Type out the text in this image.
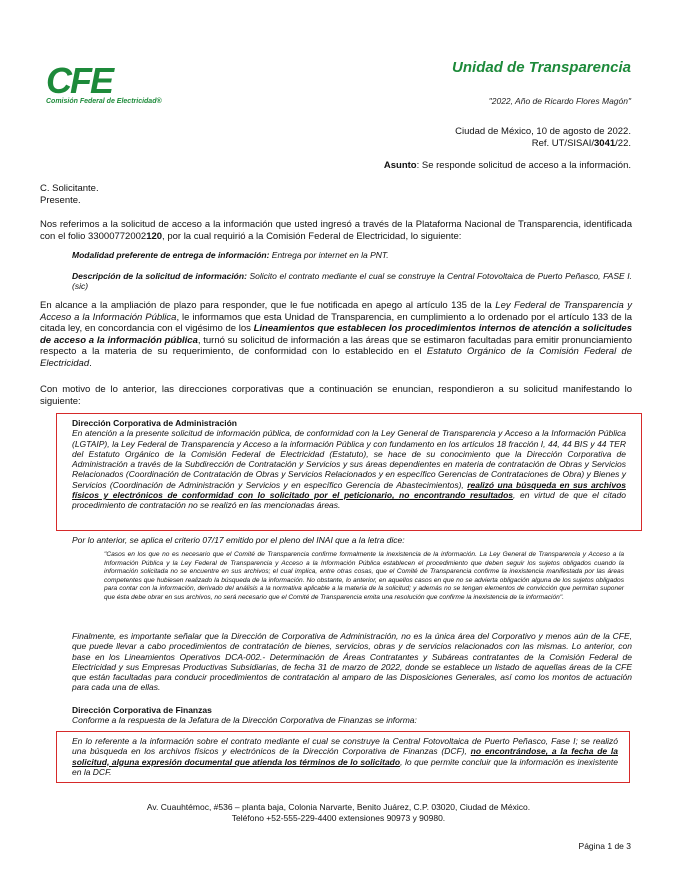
CFE
Comisión Federal de Electricidad®
Unidad de Transparencia
"2022, Año de Ricardo Flores Magón"
Ciudad de México, 10 de agosto de 2022.
Ref. UT/SISAI/3041/22.
Asunto: Se responde solicitud de acceso a la información.
C. Solicitante.
Presente.
Nos referimos a la solicitud de acceso a la información que usted ingresó a través de la Plataforma Nacional de Transparencia, identificada con el folio 33000772002120, por la cual requirió a la Comisión Federal de Electricidad, lo siguiente:
Modalidad preferente de entrega de información: Entrega por internet en la PNT.
Descripción de la solicitud de información: Solicito el contrato mediante el cual se construye la Central Fotovoltaica de Puerto Peñasco, FASE I. (sic)
En alcance a la ampliación de plazo para responder, que le fue notificada en apego al artículo 135 de la Ley Federal de Transparencia y Acceso a la Información Pública, le informamos que esta Unidad de Transparencia, en cumplimiento a lo ordenado por el artículo 133 de la citada ley, en concordancia con el vigésimo de los Lineamientos que establecen los procedimientos internos de atención a solicitudes de acceso a la información pública, turnó su solicitud de información a las áreas que se estimaron facultadas para emitir pronunciamiento respecto a la materia de su requerimiento, de conformidad con lo establecido en el Estatuto Orgánico de la Comisión Federal de Electricidad.
Con motivo de lo anterior, las direcciones corporativas que a continuación se enuncian, respondieron a su solicitud manifestando lo siguiente:
Dirección Corporativa de Administración
En atención a la presente solicitud de información pública, de conformidad con la Ley General de Transparencia y Acceso a la Información Pública (LGTAIP), la Ley Federal de Transparencia y Acceso a la información Pública y con fundamento en los artículos 18 fracción I, 44, 44 BIS y 44 TER del Estatuto Orgánico de la Comisión Federal de Electricidad (Estatuto), se hace de su conocimiento que la Dirección Corporativa de Administración a través de la Subdirección de Contratación y Servicios y sus áreas dependientes en materia de contratación de Obras y Servicios Relacionados (Coordinación de Contratación de Obras y Servicios Relacionados y en específico Gerencias de Contrataciones de Obra) y Bienes y Servicios (Coordinación de Administración y Servicios y en específico Gerencia de Abastecimientos), realizó una búsqueda en sus archivos físicos y electrónicos de conformidad con lo solicitado por el peticionario, no encontrando resultados, en virtud de que el citado procedimiento de contratación no se realizó en las mencionadas áreas.
Por lo anterior, se aplica el criterio 07/17 emitido por el pleno del INAI que a la letra dice:
"Casos en los que no es necesario que el Comité de Transparencia confirme formalmente la inexistencia de la información. La Ley General de Transparencia y Acceso a la Información Pública y la Ley Federal de Transparencia y Acceso a la Información Pública establecen el procedimiento que deben seguir los sujetos obligados cuando la información solicitada no se encuentre en sus archivos; el cual implica, entre otras cosas, que el Comité de Transparencia confirme la inexistencia manifestada por las áreas competentes que hubiesen realizado la búsqueda de la información. No obstante, lo anterior, en aquellos casos en que no se advierta obligación alguna de los sujetos obligados para contar con la información, derivado del análisis a la normativa aplicable a la materia de la solicitud; y además no se tengan elementos de convicción que permitan suponer que ésta debe obrar en sus archivos, no será necesario que el Comité de Transparencia emita una resolución que confirme la inexistencia de la información".
Finalmente, es importante señalar que la Dirección de Corporativa de Administración, no es la única área del Corporativo y menos aún de la CFE, que puede llevar a cabo procedimientos de contratación de bienes, servicios, obras y de servicios relacionados con las mismas. Lo anterior, con base en los Lineamientos Operativos DCA-002.- Determinación de Áreas Contratantes y Subáreas contratantes de la Comisión Federal de Electricidad y sus Empresas Productivas Subsidiarias, de fecha 31 de marzo de 2022, donde se establece un listado de aquellas áreas de la CFE que están facultadas para conducir procedimientos de contratación al amparo de las Disposiciones Generales, así como los montos de actuación para cada una de ellas.
Dirección Corporativa de Finanzas
Conforme a la respuesta de la Jefatura de la Dirección Corporativa de Finanzas se informa:
En lo referente a la información sobre el contrato mediante el cual se construye la Central Fotovoltaica de Puerto Peñasco, Fase I; se realizó una búsqueda en los archivos físicos y electrónicos de la Dirección Corporativa de Finanzas (DCF), no encontrándose, a la fecha de la solicitud, alguna expresión documental que atienda los términos de lo solicitado, lo que permite concluir que la información es inexistente en la DCF.
Av. Cuauhtémoc, #536 – planta baja, Colonia Narvarte, Benito Juárez, C.P. 03020, Ciudad de México.
Teléfono +52-555-229-4400 extensiones 90973 y 90980.
Página 1 de 3
